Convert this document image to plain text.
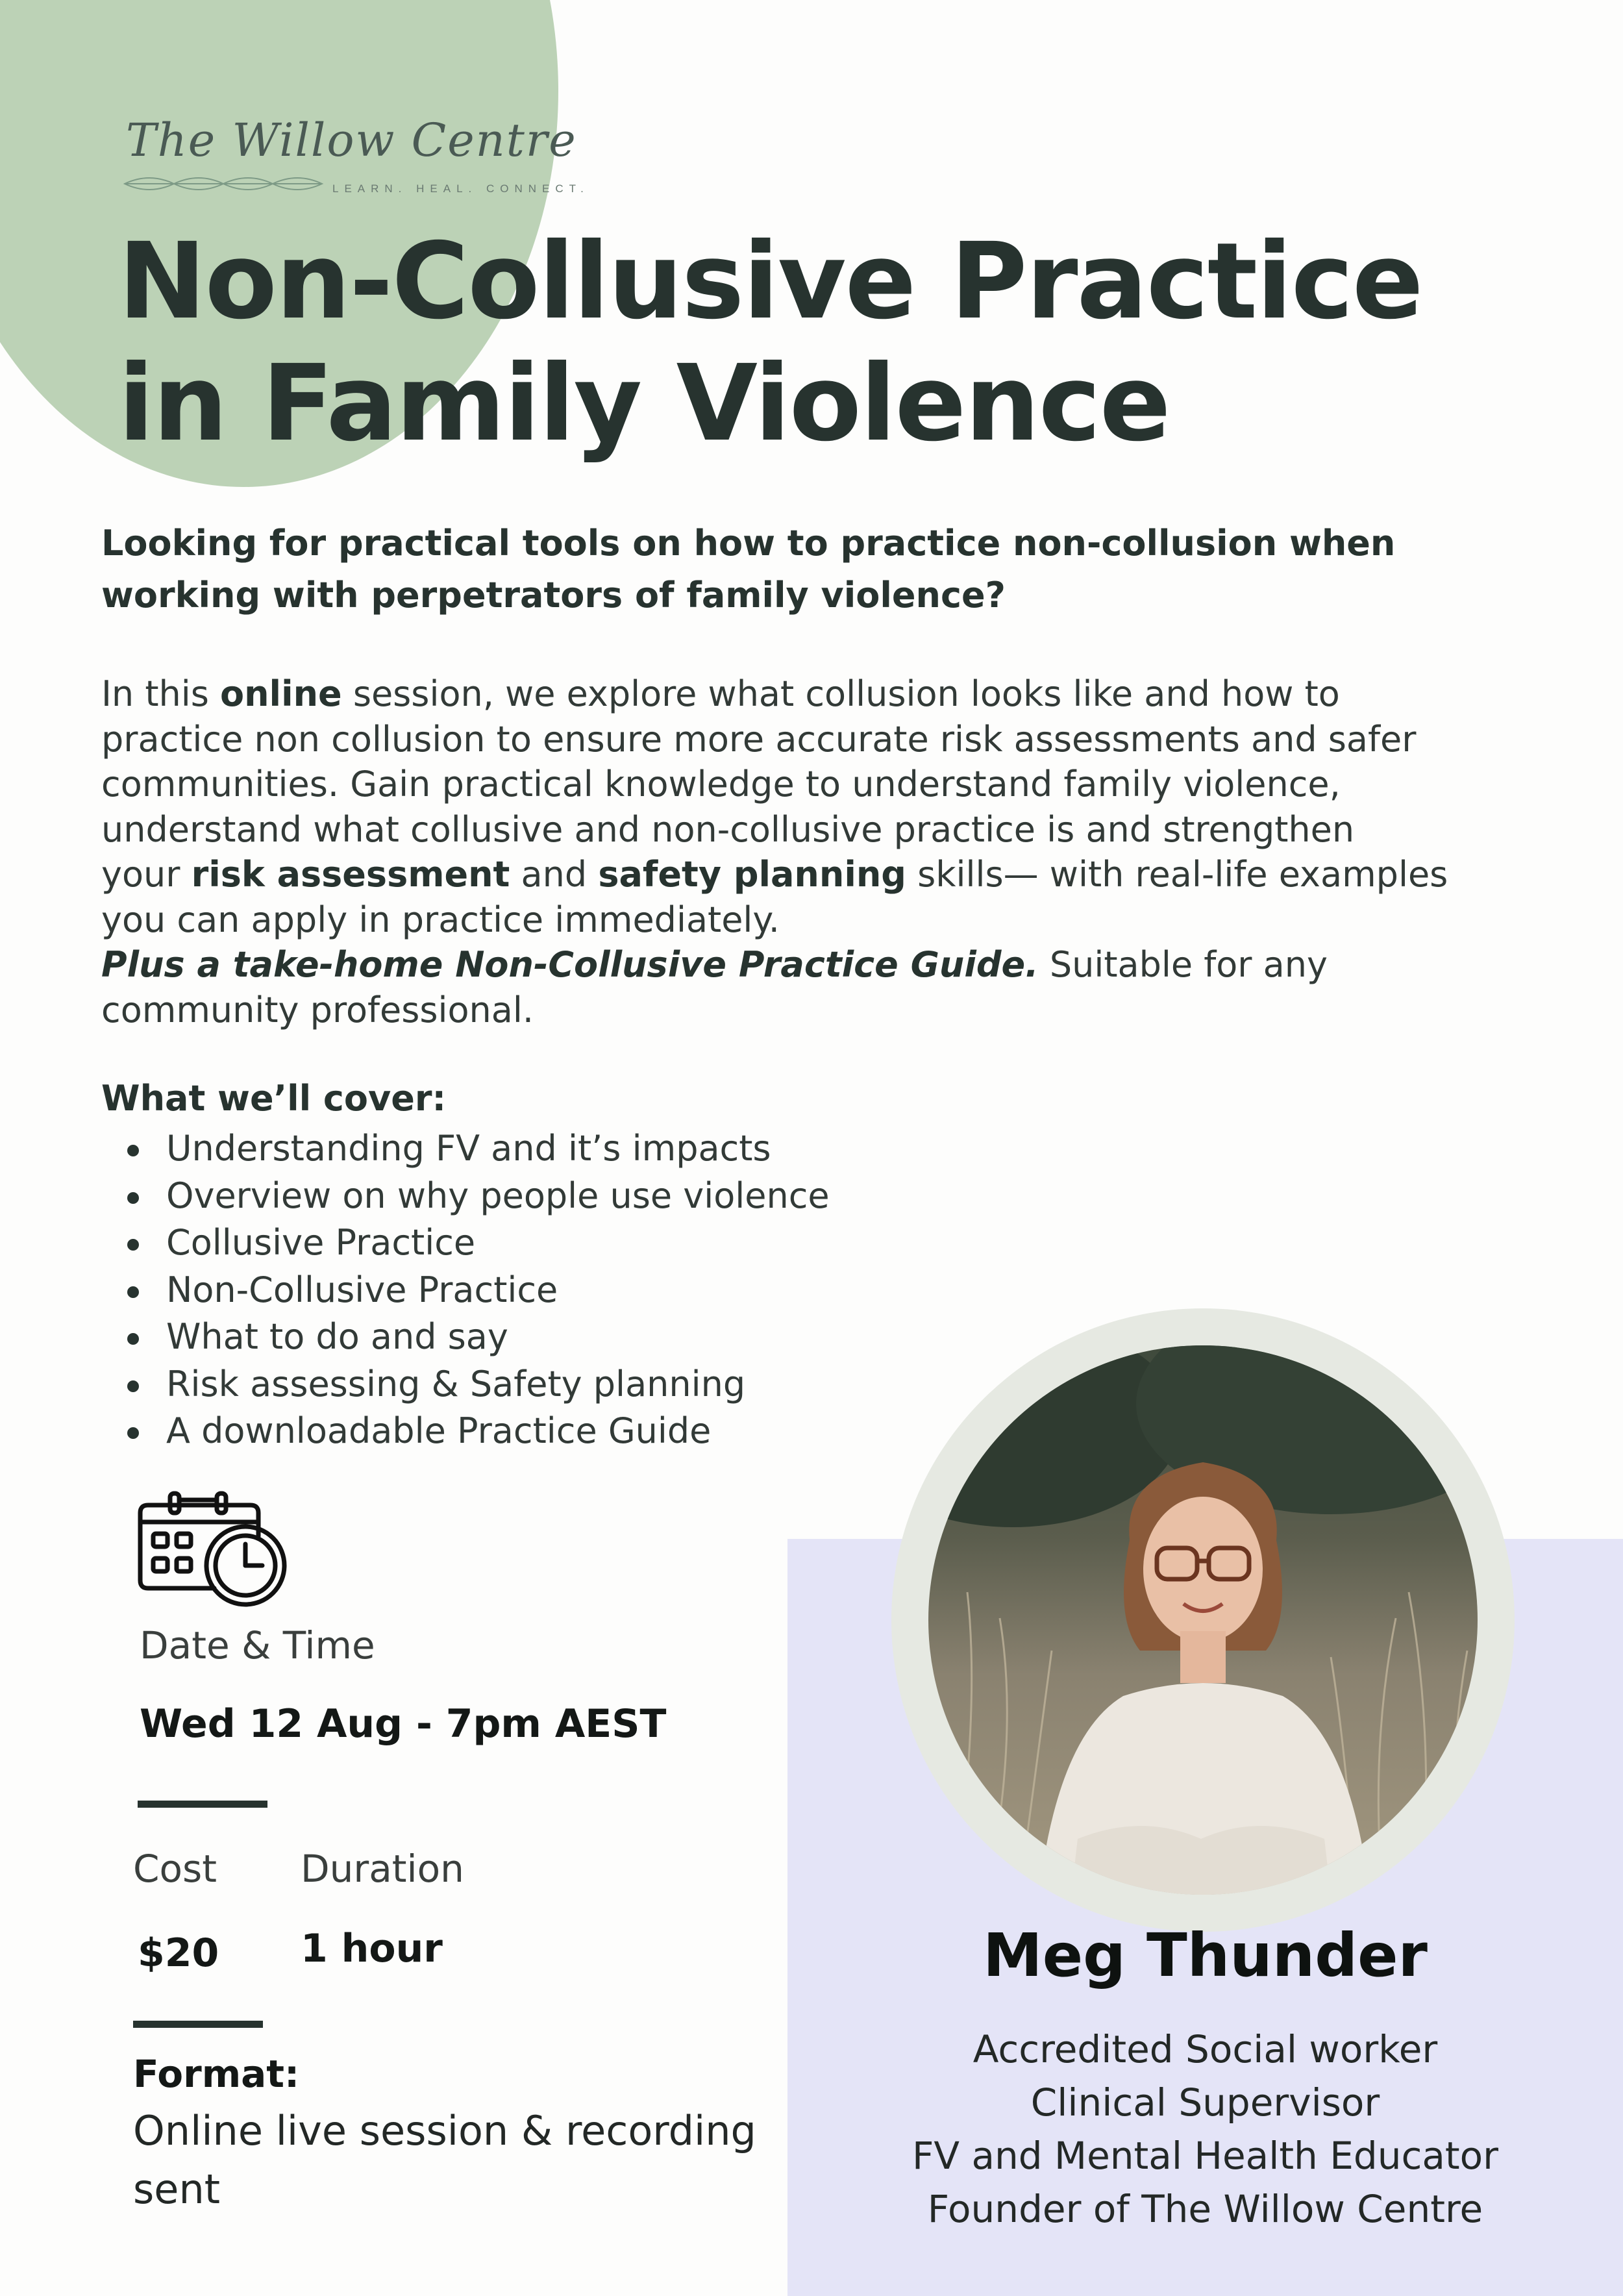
The Willow Centre
LEARN. HEAL. CONNECT.
Non-Collusive Practice
in Family Violence

Looking for practical tools on how to practice non-collusion when
working with perpetrators of family violence?

In this online session, we explore what collusion looks like and how to
practice non collusion to ensure more accurate risk assessments and safer
communities. Gain practical knowledge to understand family violence,
understand what collusive and non-collusive practice is and strengthen
your risk assessment and safety planning skills— with real-life examples
you can apply in practice immediately.
Plus a take-home Non-Collusive Practice Guide. Suitable for any
community professional.

What we’ll cover:
Understanding FV and it’s impacts
Overview on why people use violence
Collusive Practice
Non-Collusive Practice
What to do and say
Risk assessing & Safety planning
A downloadable Practice Guide
Date & Time
Wed 12 Aug - 7pm AEST
Cost Duration
$20 1 hour
Format:
Online live session & recording sent
Meg Thunder
Accredited Social worker
Clinical Supervisor
FV and Mental Health Educator
Founder of The Willow Centre
